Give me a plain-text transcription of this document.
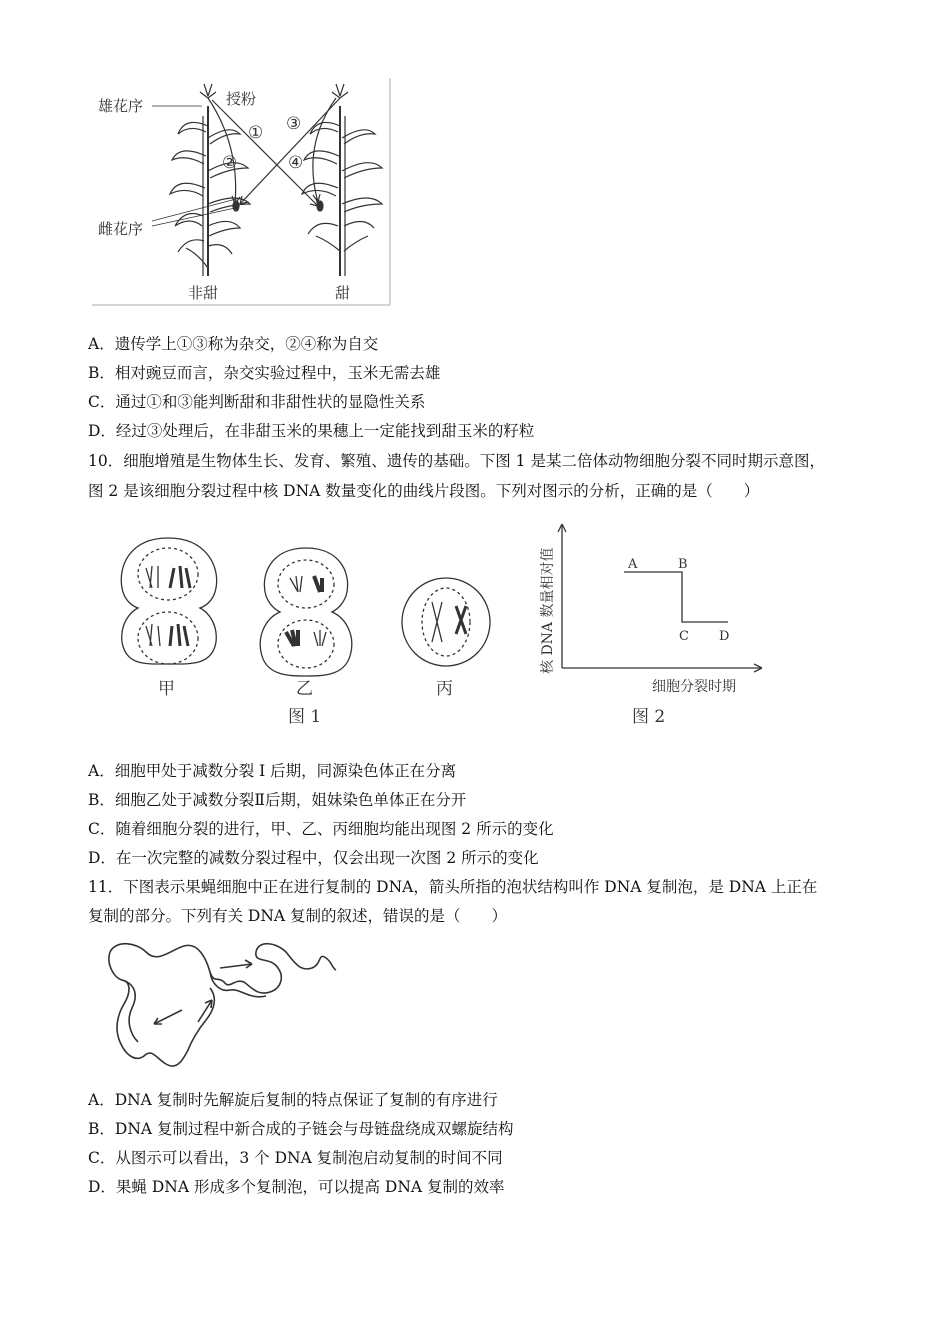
雄花序	授粉
①
②
③
④
雌花序
非甜	甜
A．遗传学上①③称为杂交，②④称为自交
B．相对豌豆而言，杂交实验过程中，玉米无需去雄
C．通过①和③能判断甜和非甜性状的显隐性关系
D．经过③处理后，在非甜玉米的果穗上一定能找到甜玉米的籽粒
10．细胞增殖是生物体生长、发育、繁殖、遗传的基础。下图 1 是某二倍体动物细胞分裂不同时期示意图，
图 2 是该细胞分裂过程中核 DNA 数量变化的曲线片段图。下列对图示的分析，正确的是（　　）
甲	乙	丙
图 1
核 DNA 数量相对值	A	B
C D
细胞分裂时期
图 2
A．细胞甲处于减数分裂 I 后期，同源染色体正在分离
B．细胞乙处于减数分裂Ⅱ后期，姐妹染色单体正在分开
C．随着细胞分裂的进行，甲、乙、丙细胞均能出现图 2 所示的变化
D．在一次完整的减数分裂过程中，仅会出现一次图 2 所示的变化
11．下图表示果蝇细胞中正在进行复制的 DNA，箭头所指的泡状结构叫作 DNA 复制泡，是 DNA 上正在
复制的部分。下列有关 DNA 复制的叙述，错误的是（　　）
A．DNA 复制时先解旋后复制的特点保证了复制的有序进行
B．DNA 复制过程中新合成的子链会与母链盘绕成双螺旋结构
C．从图示可以看出，3 个 DNA 复制泡启动复制的时间不同
D．果蝇 DNA 形成多个复制泡，可以提高 DNA 复制的效率
